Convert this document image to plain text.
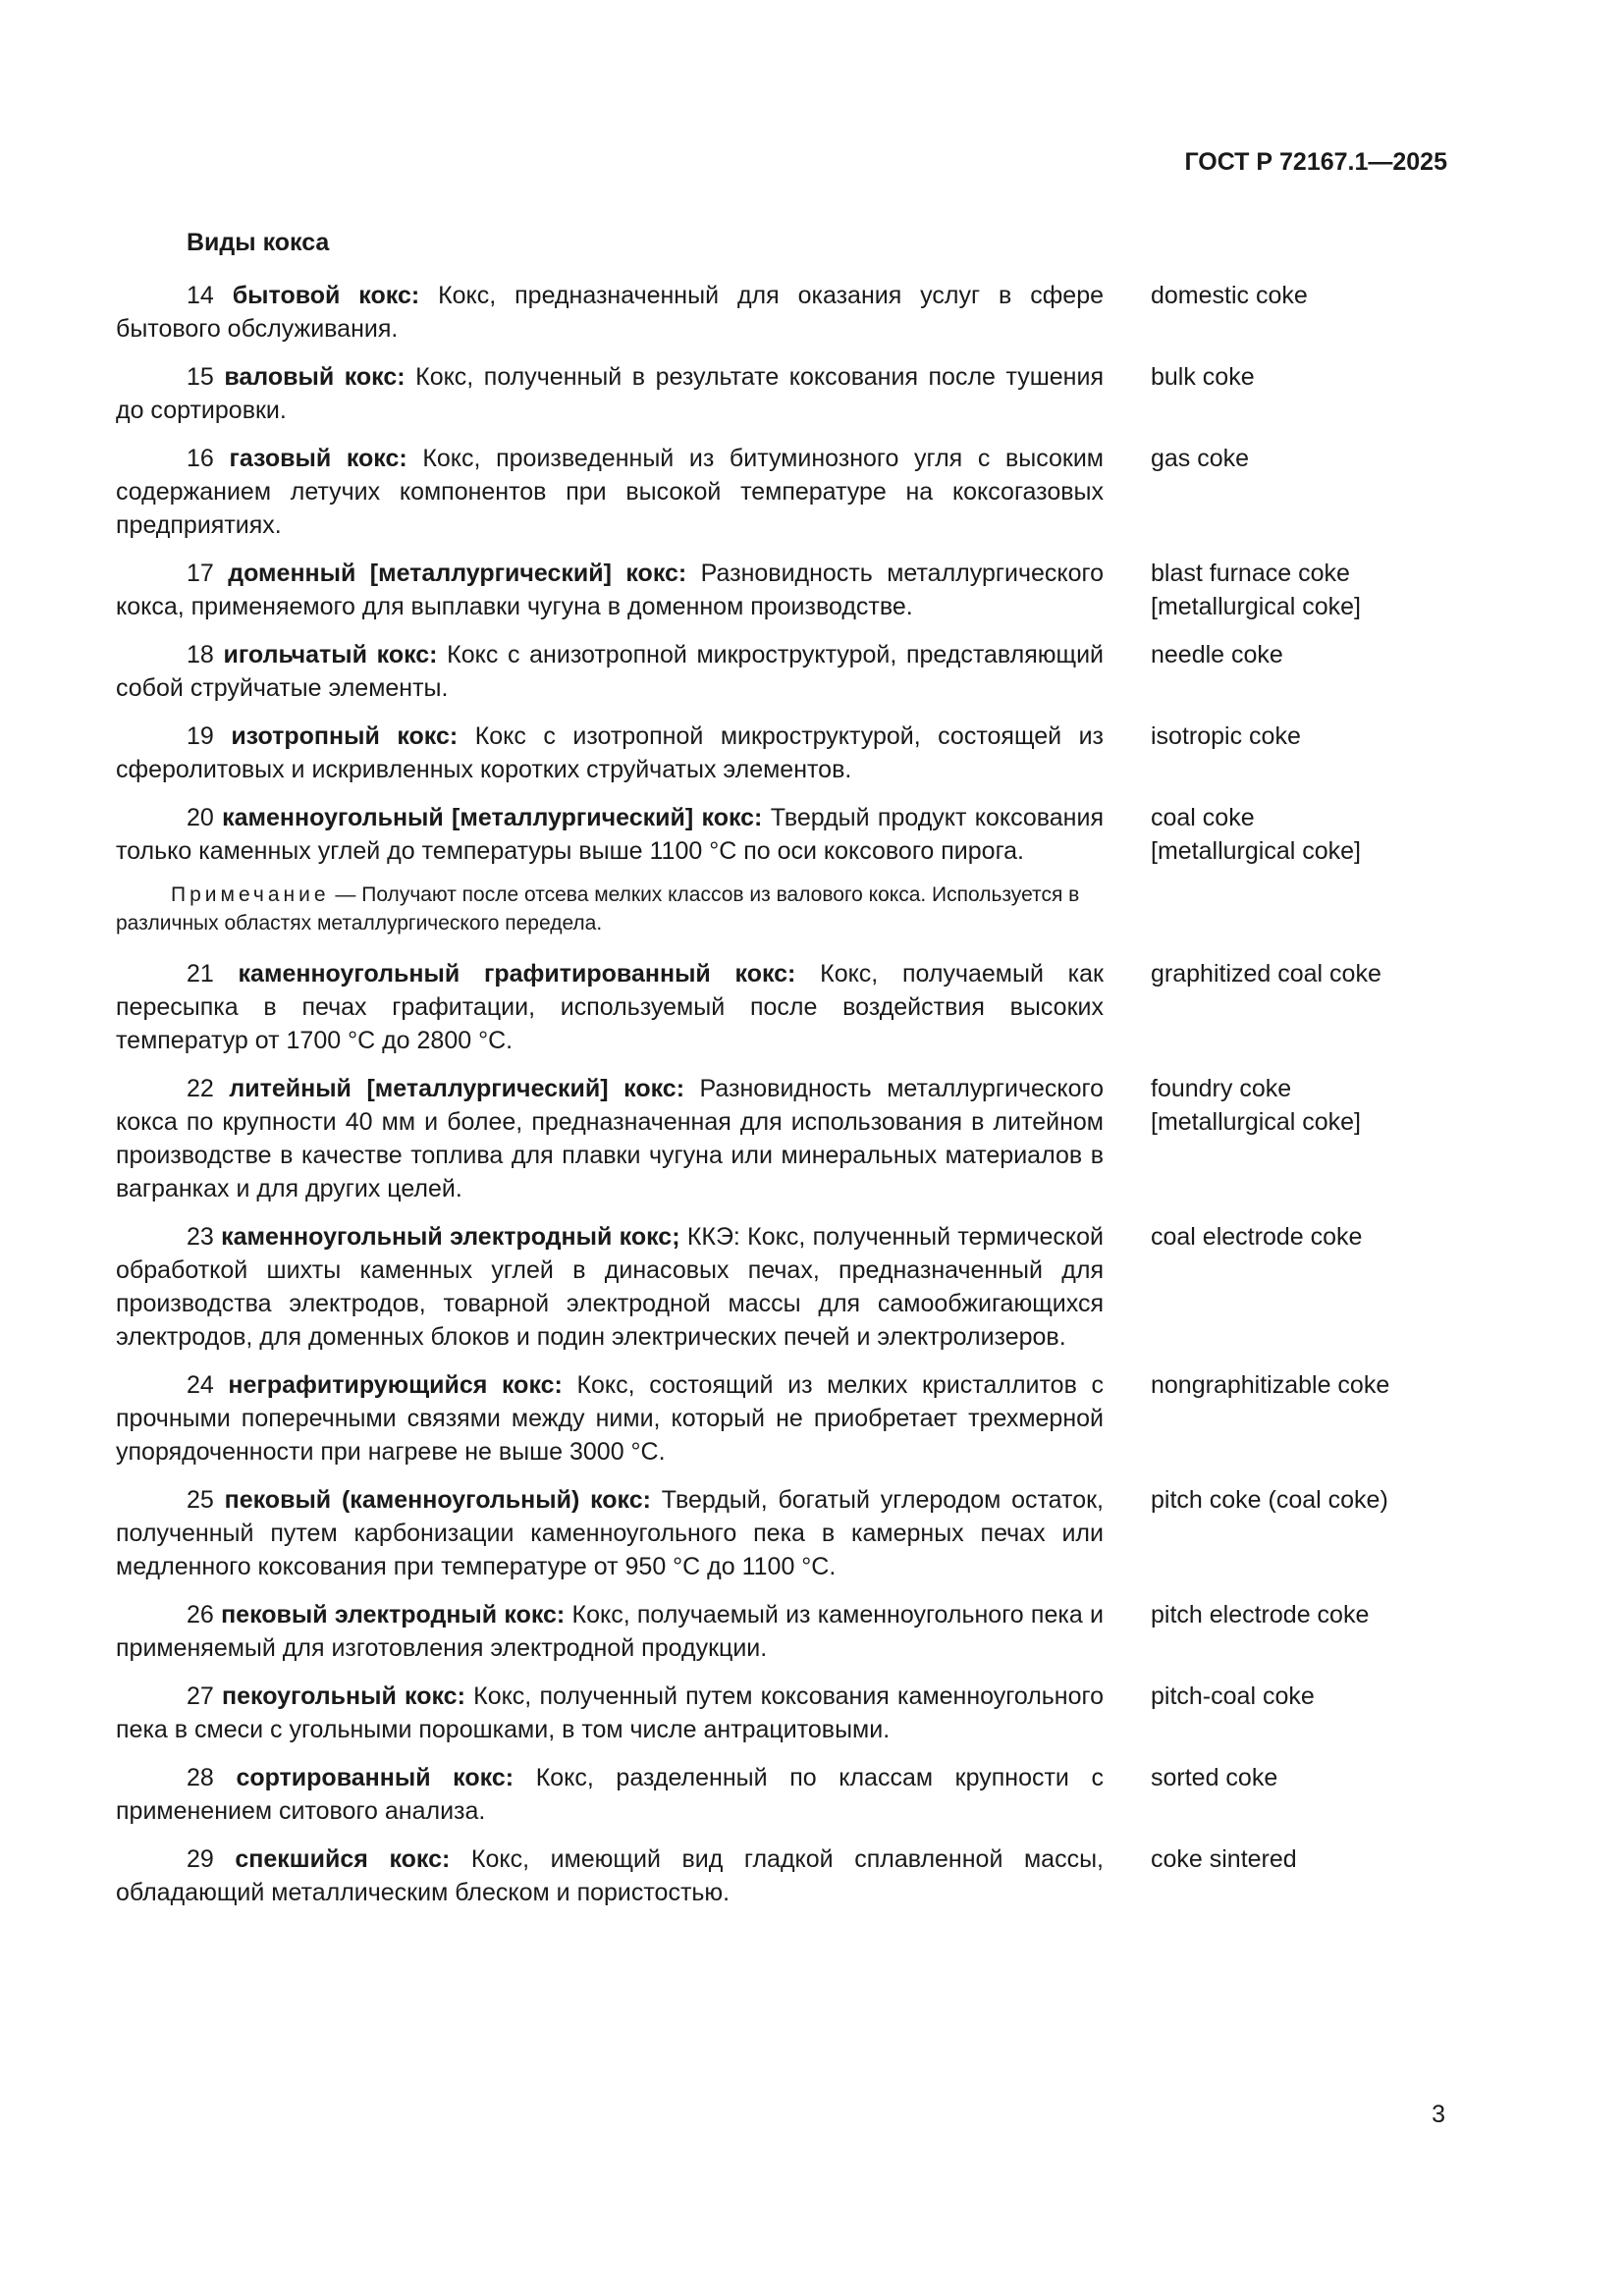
ГОСТ Р 72167.1—2025
Виды кокса
14 бытовой кокс: Кокс, предназначенный для оказания услуг в сфере бытового обслуживания.
domestic coke
15 валовый кокс: Кокс, полученный в результате коксования после тушения до сортировки.
bulk coke
16 газовый кокс: Кокс, произведенный из битуминозного угля с высоким содержанием летучих компонентов при высокой температуре на коксогазовых предприятиях.
gas coke
17 доменный [металлургический] кокс: Разновидность металлургического кокса, применяемого для выплавки чугуна в доменном производстве.
blast furnace coke
[metallurgical coke]
18 игольчатый кокс: Кокс с анизотропной микроструктурой, представляющий собой струйчатые элементы.
needle coke
19 изотропный кокс: Кокс с изотропной микроструктурой, состоящей из сферолитовых и искривленных коротких струйчатых элементов.
isotropic coke
20 каменноугольный [металлургический] кокс: Твердый продукт коксования только каменных углей до температуры выше 1100 °С по оси коксового пирога.
coal coke
[metallurgical coke]
Примечание — Получают после отсева мелких классов из валового кокса. Используется в различных областях металлургического передела.
21 каменноугольный графитированный кокс: Кокс, получаемый как пересыпка в печах графитации, используемый после воздействия высоких температур от 1700 °С до 2800 °С.
graphitized coal coke
22 литейный [металлургический] кокс: Разновидность металлургического кокса по крупности 40 мм и более, предназначенная для использования в литейном производстве в качестве топлива для плавки чугуна или минеральных материалов в вагранках и для других целей.
foundry coke
[metallurgical coke]
23 каменноугольный электродный кокс; ККЭ: Кокс, полученный термической обработкой шихты каменных углей в динасовых печах, предназначенный для производства электродов, товарной электродной массы для самообжигающихся электродов, для доменных блоков и подин электрических печей и электролизеров.
coal electrode coke
24 неграфитирующийся кокс: Кокс, состоящий из мелких кристаллитов с прочными поперечными связями между ними, который не приобретает трехмерной упорядоченности при нагреве не выше 3000 °С.
nongraphitizable coke
25 пековый (каменноугольный) кокс: Твердый, богатый углеродом остаток, полученный путем карбонизации каменноугольного пека в камерных печах или медленного коксования при температуре от 950 °С до 1100 °С.
pitch coke (coal coke)
26 пековый электродный кокс: Кокс, получаемый из каменноугольного пека и применяемый для изготовления электродной продукции.
pitch electrode coke
27 пекоугольный кокс: Кокс, полученный путем коксования каменноугольного пека в смеси с угольными порошками, в том числе антрацитовыми.
pitch-coal coke
28 сортированный кокс: Кокс, разделенный по классам крупности с применением ситового анализа.
sorted coke
29 спекшийся кокс: Кокс, имеющий вид гладкой сплавленной массы, обладающий металлическим блеском и пористостью.
coke sintered
3
